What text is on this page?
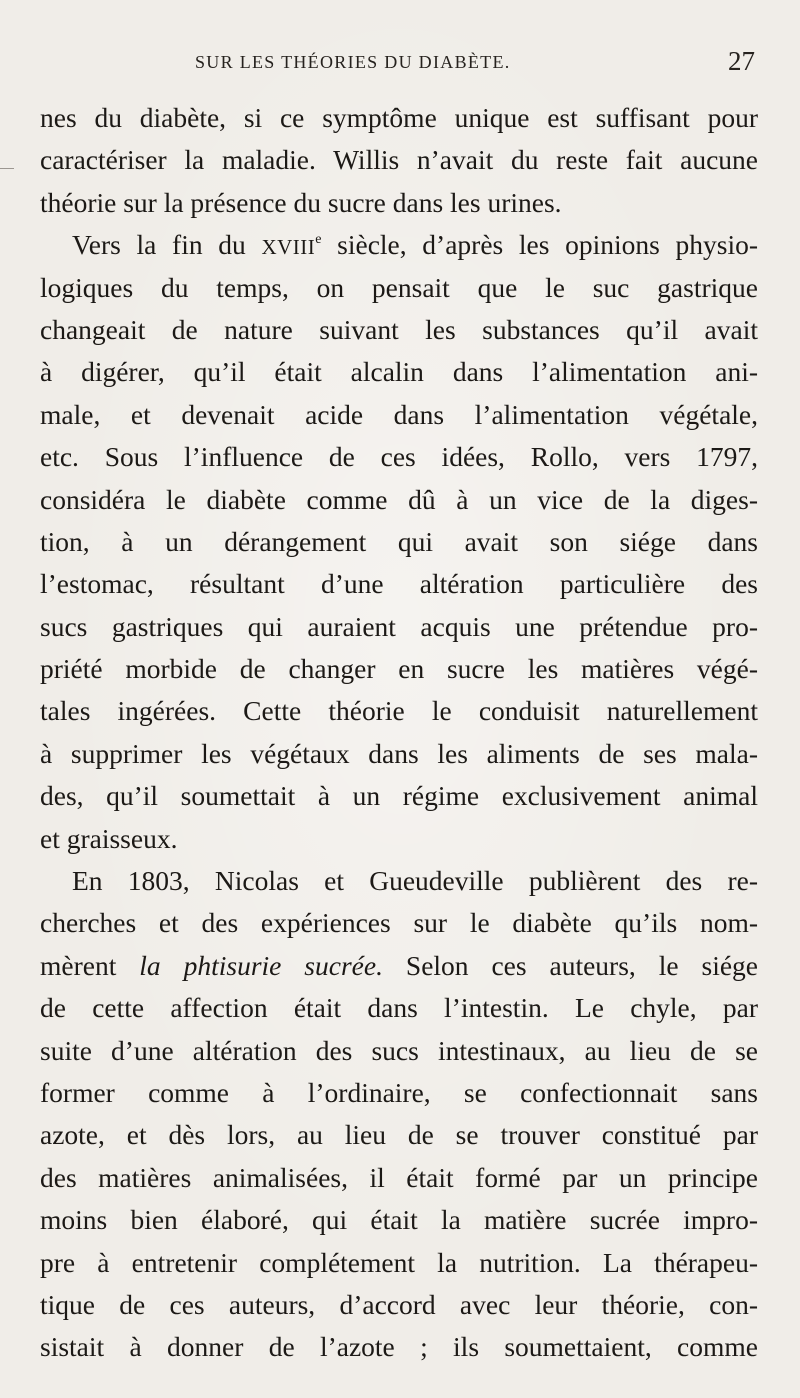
SUR LES THÉORIES DU DIABÈTE.	27
nes du diabète, si ce symptôme unique est suffisant pour
caractériser la maladie. Willis n’avait du reste fait aucune
théorie sur la présence du sucre dans les urines.
Vers la fin du XVIIIe siècle, d’après les opinions physio-
logiques du temps, on pensait que le suc gastrique
changeait de nature suivant les substances qu’il avait
à digérer, qu’il était alcalin dans l’alimentation ani-
male, et devenait acide dans l’alimentation végétale,
etc. Sous l’influence de ces idées, Rollo, vers 1797,
considéra le diabète comme dû à un vice de la diges-
tion, à un dérangement qui avait son siége dans
l’estomac, résultant d’une altération particulière des
sucs gastriques qui auraient acquis une prétendue pro-
priété morbide de changer en sucre les matières végé-
tales ingérées. Cette théorie le conduisit naturellement
à supprimer les végétaux dans les aliments de ses mala-
des, qu’il soumettait à un régime exclusivement animal
et graisseux.
En 1803, Nicolas et Gueudeville publièrent des re-
cherches et des expériences sur le diabète qu’ils nom-
mèrent la phtisurie sucrée. Selon ces auteurs, le siége
de cette affection était dans l’intestin. Le chyle, par
suite d’une altération des sucs intestinaux, au lieu de se
former comme à l’ordinaire, se confectionnait sans
azote, et dès lors, au lieu de se trouver constitué par
des matières animalisées, il était formé par un principe
moins bien élaboré, qui était la matière sucrée impro-
pre à entretenir complétement la nutrition. La thérapeu-
tique de ces auteurs, d’accord avec leur théorie, con-
sistait à donner de l’azote ; ils soumettaient, comme
